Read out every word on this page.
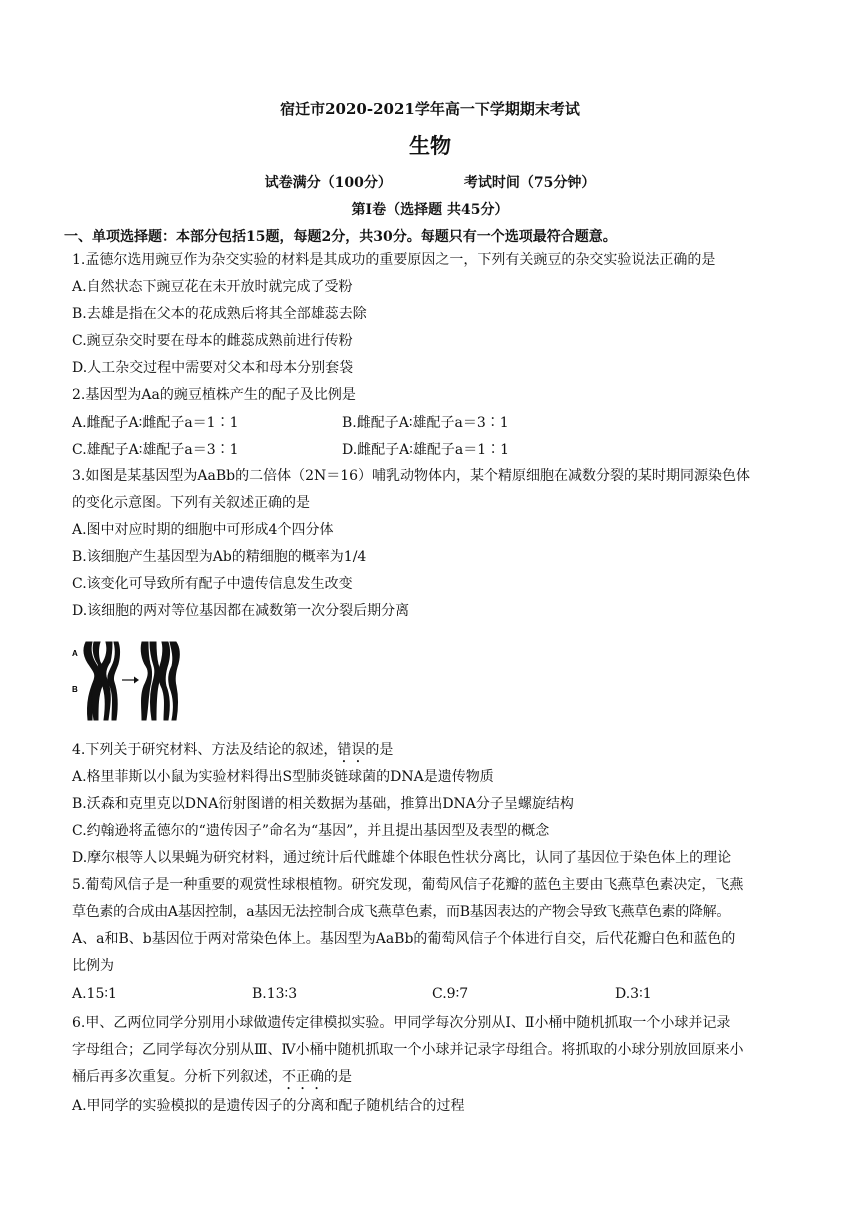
宿迁市2020-2021学年高一下学期期末考试
生物
试卷满分（100分）	考试时间（75分钟）
第Ⅰ卷（选择题 共45分）
一、单项选择题：本部分包括15题，每题2分，共30分。每题只有一个选项最符合题意。
1.孟德尔选用豌豆作为杂交实验的材料是其成功的重要原因之一，下列有关豌豆的杂交实验说法正确的是
A.自然状态下豌豆花在未开放时就完成了受粉
B.去雄是指在父本的花成熟后将其全部雄蕊去除
C.豌豆杂交时要在母本的雌蕊成熟前进行传粉
D.人工杂交过程中需要对父本和母本分别套袋
2.基因型为Aa的豌豆植株产生的配子及比例是
A.雌配子A∶雌配子a＝1∶1	B.雌配子A∶雄配子a＝3∶1
C.雄配子A∶雄配子a＝3∶1	D.雌配子A∶雄配子a＝1∶1
3.如图是某基因型为AaBb的二倍体（2N＝16）哺乳动物体内，某个精原细胞在减数分裂的某时期同源染色体
的变化示意图。下列有关叙述正确的是
A.图中对应时期的细胞中可形成4个四分体
B.该细胞产生基因型为Ab的精细胞的概率为1/4
C.该变化可导致所有配子中遗传信息发生改变
D.该细胞的两对等位基因都在减数第一次分裂后期分离
A
B
4.下列关于研究材料、方法及结论的叙述，错误的是
A.格里菲斯以小鼠为实验材料得出S型肺炎链球菌的DNA是遗传物质
B.沃森和克里克以DNA衍射图谱的相关数据为基础，推算出DNA分子呈螺旋结构
C.约翰逊将孟德尔的“遗传因子”命名为“基因”，并且提出基因型及表型的概念
D.摩尔根等人以果蝇为研究材料，通过统计后代雌雄个体眼色性状分离比，认同了基因位于染色体上的理论
5.葡萄风信子是一种重要的观赏性球根植物。研究发现，葡萄风信子花瓣的蓝色主要由飞燕草色素决定，飞燕
草色素的合成由A基因控制，a基因无法控制合成飞燕草色素，而B基因表达的产物会导致飞燕草色素的降解。
A、a和B、b基因位于两对常染色体上。基因型为AaBb的葡萄风信子个体进行自交，后代花瓣白色和蓝色的
比例为
A.15∶1	B.13∶3	C.9∶7	D.3∶1
6.甲、乙两位同学分别用小球做遗传定律模拟实验。甲同学每次分别从Ⅰ、Ⅱ小桶中随机抓取一个小球并记录
字母组合；乙同学每次分别从Ⅲ、Ⅳ小桶中随机抓取一个小球并记录字母组合。将抓取的小球分别放回原来小
桶后再多次重复。分析下列叙述，不正确的是
A.甲同学的实验模拟的是遗传因子的分离和配子随机结合的过程
